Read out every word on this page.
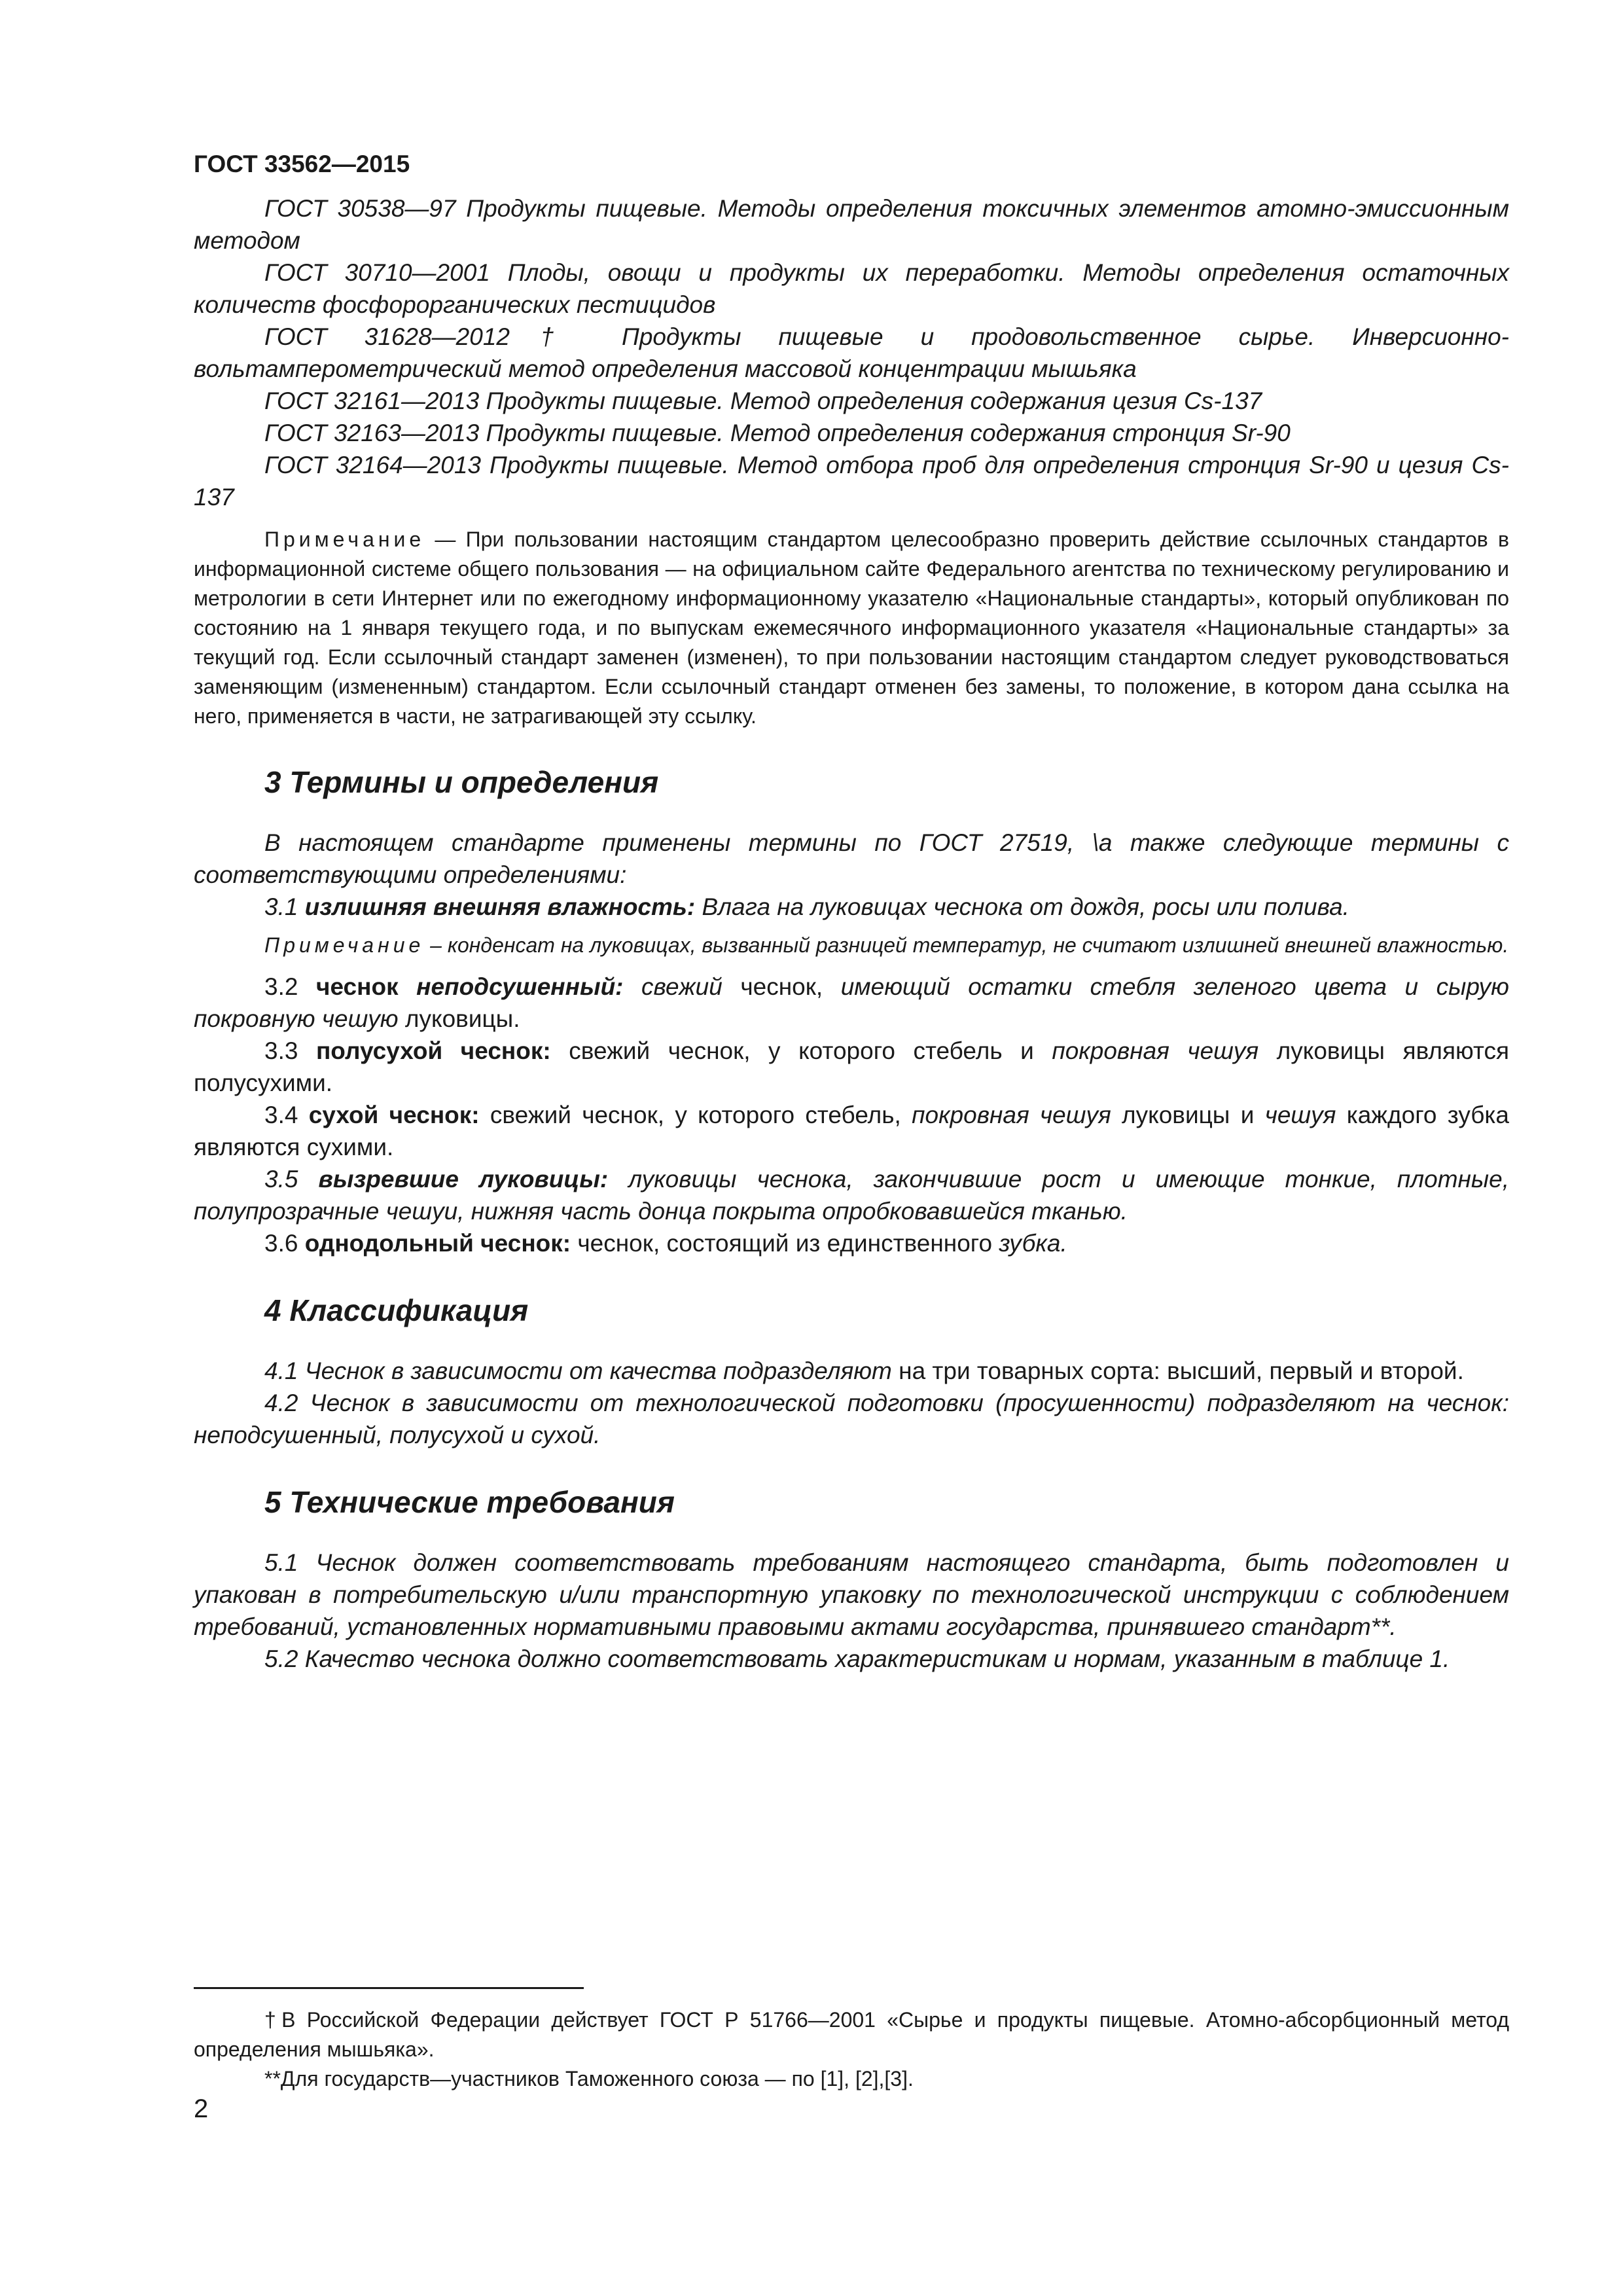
ГОСТ 33562—2015

ГОСТ 30538—97 Продукты пищевые. Методы определения токсичных элементов атомно-эмиссионным методом

ГОСТ 30710—2001 Плоды, овощи и продукты их переработки. Методы определения остаточных количеств фосфорорганических пестицидов

ГОСТ 31628—2012† Продукты пищевые и продовольственное сырье. Инверсионно-вольтамперометрический метод определения массовой концентрации мышьяка

ГОСТ 32161—2013 Продукты пищевые. Метод определения содержания цезия Cs-137

ГОСТ 32163—2013 Продукты пищевые. Метод определения содержания стронция Sr-90

ГОСТ 32164—2013 Продукты пищевые. Метод отбора проб для определения стронция Sr-90 и цезия Cs-137

Примечание — При пользовании настоящим стандартом целесообразно проверить действие ссылочных стандартов в информационной системе общего пользования — на официальном сайте Федерального агентства по техническому регулированию и метрологии в сети Интернет или по ежегодному информационному указателю «Национальные стандарты», который опубликован по состоянию на 1 января текущего года, и по выпускам ежемесячного информационного указателя «Национальные стандарты» за текущий год. Если ссылочный стандарт заменен (изменен), то при пользовании настоящим стандартом следует руководствоваться заменяющим (измененным) стандартом. Если ссылочный стандарт отменен без замены, то положение, в котором дана ссылка на него, применяется в части, не затрагивающей эту ссылку.

3 Термины и определения

В настоящем стандарте применены термины по ГОСТ 27519, \а также следующие термины с соответствующими определениями:

3.1 излишняя внешняя влажность: Влага на луковицах чеснока от дождя, росы или полива.

Примечание – конденсат на луковицах, вызванный разницей температур, не считают излишней внешней влажностью.

3.2 чеснок неподсушенный: свежий чеснок, имеющий остатки стебля зеленого цвета и сырую покровную чешую луковицы.

3.3 полусухой чеснок: свежий чеснок, у которого стебель и покровная чешуя луковицы являются полусухими.

3.4 сухой чеснок: свежий чеснок, у которого стебель, покровная чешуя луковицы и чешуя каждого зубка являются сухими.

3.5 вызревшие луковицы: луковицы чеснока, закончившие рост и имеющие тонкие, плотные, полупрозрачные чешуи, нижняя часть донца покрыта опробковавшейся тканью.

3.6 однодольный чеснок: чеснок, состоящий из единственного зубка.

4 Классификация

4.1 Чеснок в зависимости от качества подразделяют на три товарных сорта: высший, первый и второй.

4.2 Чеснок в зависимости от технологической подготовки (просушенности) подразделяют на чеснок: неподсушенный, полусухой и сухой.

5 Технические требования

5.1 Чеснок должен соответствовать требованиям настоящего стандарта, быть подготовлен и упакован в потребительскую и/или транспортную упаковку по технологической инструкции с соблюдением требований, установленных нормативными правовыми актами государства, принявшего стандарт**.

5.2 Качество чеснока должно соответствовать характеристикам и нормам, указанным в таблице 1.

†В Российской Федерации действует ГОСТ Р 51766—2001 «Сырье и продукты пищевые. Атомно-абсорбционный метод определения мышьяка».

**Для государств—участников Таможенного союза — по [1], [2],[3].

2
